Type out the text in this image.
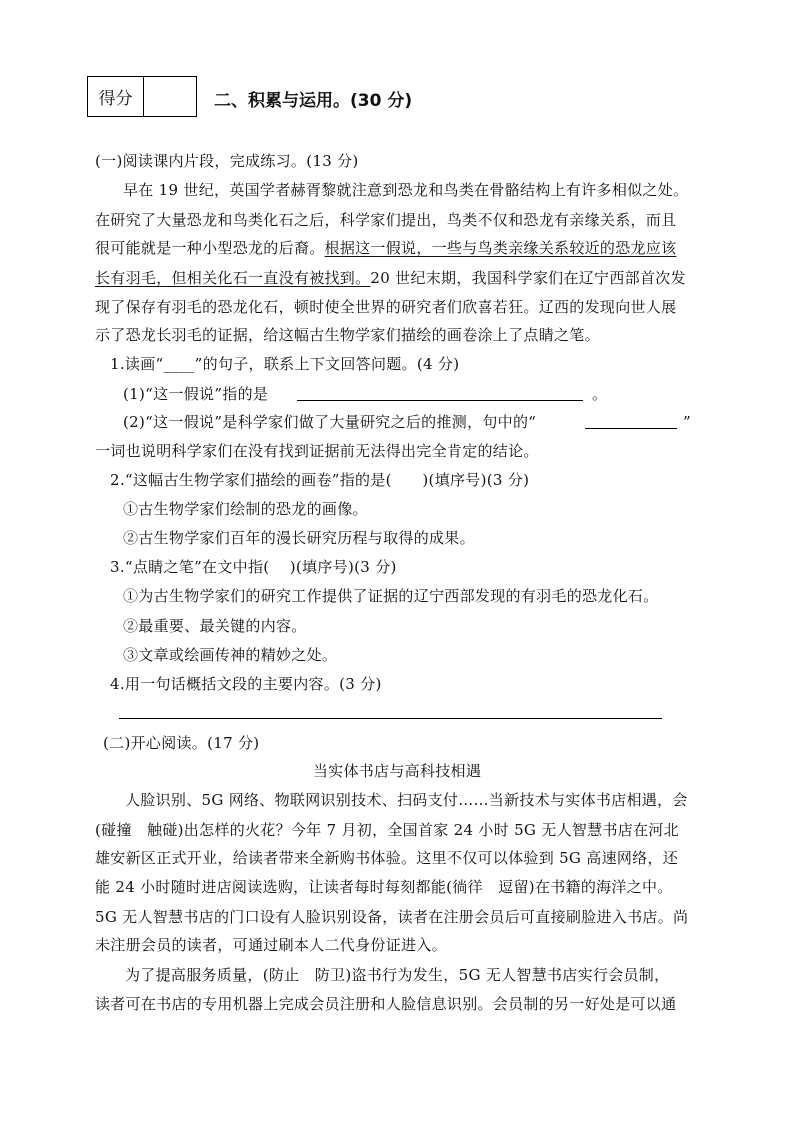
得分	二、积累与运用。(30 分)
(一)阅读课内片段，完成练习。(13 分)
早在 19 世纪，英国学者赫胥黎就注意到恐龙和鸟类在骨骼结构上有许多相似之处。
在研究了大量恐龙和鸟类化石之后，科学家们提出，鸟类不仅和恐龙有亲缘关系，而且
很可能就是一种小型恐龙的后裔。根据这一假说，一些与鸟类亲缘关系较近的恐龙应该
长有羽毛，但相关化石一直没有被找到。20 世纪末期，我国科学家们在辽宁西部首次发
现了保存有羽毛的恐龙化石，顿时使全世界的研究者们欣喜若狂。辽西的发现向世人展
示了恐龙长羽毛的证据，给这幅古生物学家们描绘的画卷涂上了点睛之笔。
1.读画“____”的句子，联系上下文回答问题。(4 分)
(1)“这一假说”指的是	。
(2)“这一假说”是科学家们做了大量研究之后的推测，句中的“	”
一词也说明科学家们在没有找到证据前无法得出完全肯定的结论。
2.“这幅古生物学家们描绘的画卷”指的是(　　)(填序号)(3 分)
①古生物学家们绘制的恐龙的画像。
②古生物学家们百年的漫长研究历程与取得的成果。
3.“点睛之笔”在文中指(　 )(填序号)(3 分)
①为古生物学家们的研究工作提供了证据的辽宁西部发现的有羽毛的恐龙化石。
②最重要、最关键的内容。
③文章或绘画传神的精妙之处。
4.用一句话概括文段的主要内容。(3 分)
(二)开心阅读。(17 分)
当实体书店与高科技相遇
人脸识别、5G 网络、物联网识别技术、扫码支付……当新技术与实体书店相遇，会
(碰撞　触碰)出怎样的火花？今年 7 月初，全国首家 24 小时 5G 无人智慧书店在河北
雄安新区正式开业，给读者带来全新购书体验。这里不仅可以体验到 5G 高速网络，还
能 24 小时随时进店阅读选购，让读者每时每刻都能(徜徉　逗留)在书籍的海洋之中。
5G 无人智慧书店的门口设有人脸识别设备，读者在注册会员后可直接刷脸进入书店。尚
未注册会员的读者，可通过刷本人二代身份证进入。
为了提高服务质量，(防止　防卫)盗书行为发生，5G 无人智慧书店实行会员制，
读者可在书店的专用机器上完成会员注册和人脸信息识别。会员制的另一好处是可以通
